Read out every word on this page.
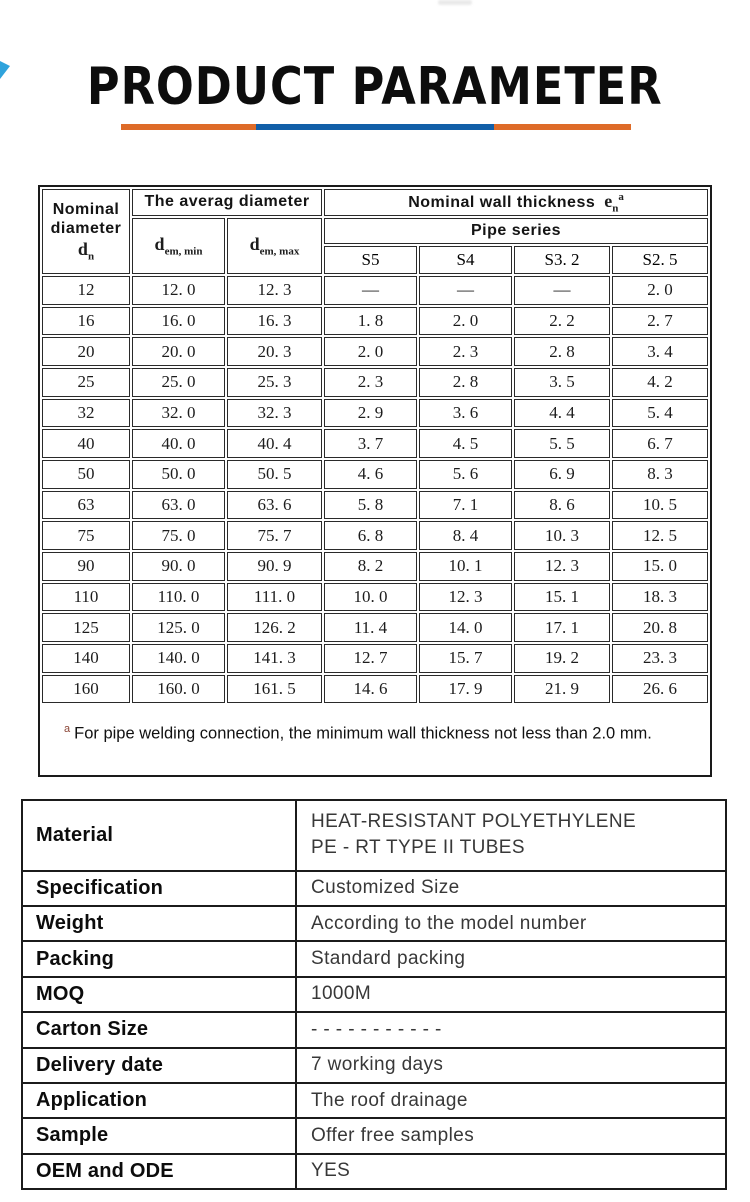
PRODUCT PARAMETER
Nominal diameter
$d_n$	The averag diameter		Nominal wall thickness $e_n^a$
	$d_{em, min}$	$d_{em, max}$	Pipe series			
			S5	S4	S3. 2	S2. 5
12	12. 0	12. 3	—	—	—	2. 0
16	16. 0	16. 3	1. 8	2. 0	2. 2	2. 7
20	20. 0	20. 3	2. 0	2. 3	2. 8	3. 4
25	25. 0	25. 3	2. 3	2. 8	3. 5	4. 2
32	32. 0	32. 3	2. 9	3. 6	4. 4	5. 4
40	40. 0	40. 4	3. 7	4. 5	5. 5	6. 7
50	50. 0	50. 5	4. 6	5. 6	6. 9	8. 3
63	63. 0	63. 6	5. 8	7. 1	8. 6	10. 5
75	75. 0	75. 7	6. 8	8. 4	10. 3	12. 5
90	90. 0	90. 9	8. 2	10. 1	12. 3	15. 0
110	110. 0	111. 0	10. 0	12. 3	15. 1	18. 3
125	125. 0	126. 2	11. 4	14. 0	17. 1	20. 8
140	140. 0	141. 3	12. 7	15. 7	19. 2	23. 3
160	160. 0	161. 5	14. 6	17. 9	21. 9	26. 6
$^a$ For pipe welding connection, the minimum wall thickness not less than 2.0 mm.						
Material	HEAT-RESISTANT POLYETHYLENE
PE - RT TYPE II TUBES

Specification	Customized Size

Weight	According to the model number

Packing	Standard packing

MOQ	1000M

Carton Size	- - - - - - - - - - -

Delivery date	7 working days

Application	The roof drainage

Sample	Offer free samples

OEM and ODE	YES
